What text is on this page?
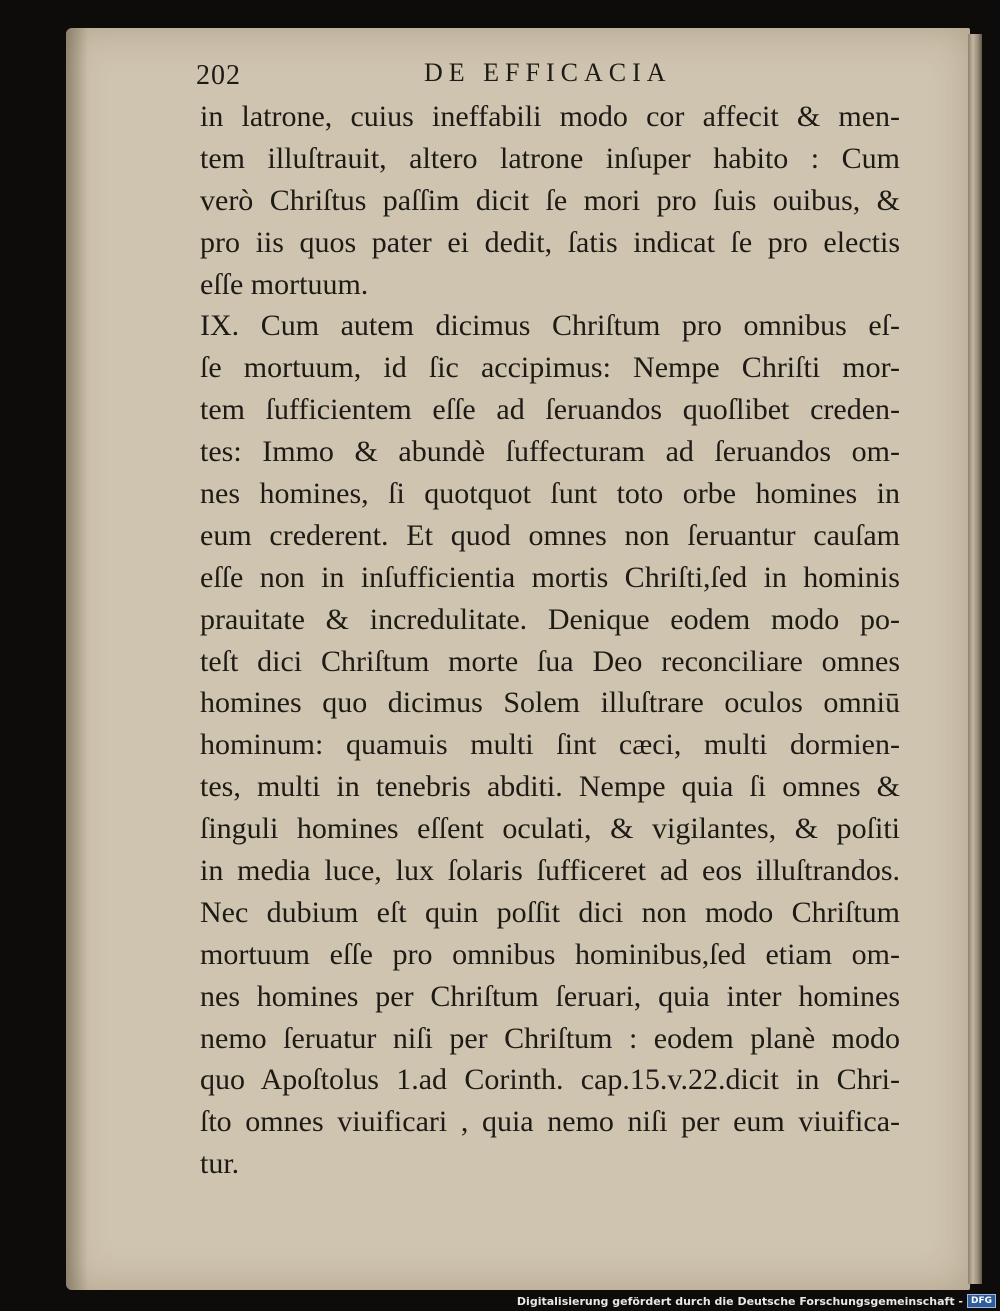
202	DE EFFICACIA
in latrone, cuius ineffabili modo cor affecit & men-
tem illuſtrauit, altero latrone inſuper habito : Cum
verò Chriſtus paſſim dicit ſe mori pro ſuis ouibus, &
pro iis quos pater ei dedit, ſatis indicat ſe pro electis
eſſe mortuum.
IX. Cum autem dicimus Chriſtum pro omnibus eſ-
ſe mortuum, id ſic accipimus: Nempe Chriſti mor-
tem ſufficientem eſſe ad ſeruandos quoſlibet creden-
tes: Immo & abundè ſuffecturam ad ſeruandos om-
nes homines, ſi quotquot ſunt toto orbe homines in
eum crederent. Et quod omnes non ſeruantur cauſam
eſſe non in inſufficientia mortis Chriſti,ſed in hominis
prauitate & incredulitate. Denique eodem modo po-
teſt dici Chriſtum morte ſua Deo reconciliare omnes
homines quo dicimus Solem illuſtrare oculos omniū
hominum: quamuis multi ſint cæci, multi dormien-
tes, multi in tenebris abditi. Nempe quia ſi omnes &
ſinguli homines eſſent oculati, & vigilantes, & poſiti
in media luce, lux ſolaris ſufficeret ad eos illuſtrandos.
Nec dubium eſt quin poſſit dici non modo Chriſtum
mortuum eſſe pro omnibus hominibus,ſed etiam om-
nes homines per Chriſtum ſeruari, quia inter homines
nemo ſeruatur niſi per Chriſtum : eodem planè modo
quo Apoſtolus 1.ad Corinth. cap.15.v.22.dicit in Chri-
ſto omnes viuificari , quia nemo niſi per eum viuifica-
tur.
Digitalisierung gefördert durch die Deutsche Forschungsgemeinschaft - DFG
